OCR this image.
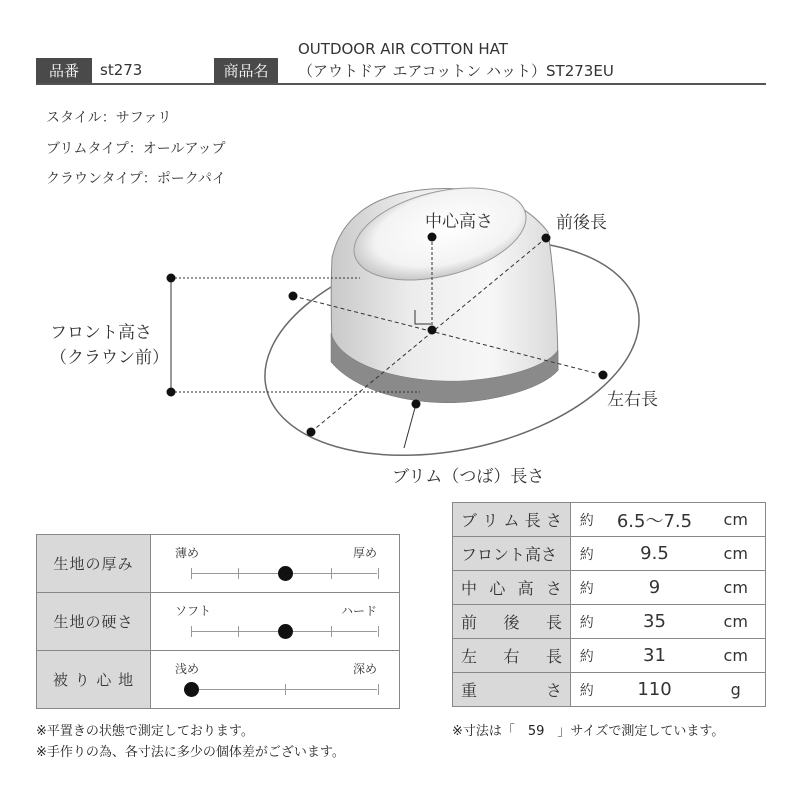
品番	st273	商品名
OUTDOOR AIR COTTON HAT
（アウトドア エアコットン ハット）ST273EU
スタイル：サファリ
ブリムタイプ：オールアップ
クラウンタイプ：ポークパイ
中心高さ	前後長
フロント高さ
（クラウン前）
左右長
ブリム（つば）長さ
生地の厚み	薄め 厚め

生地の硬さ	ソフト ハード

被 り 心 地	浅め 深め
ブ リ ム 長 さ	約	6.5～7.5	cm

フロント高さ	約	9.5	cm

中 心 高 さ	約	9	cm

前 後 長	約	35	cm

左 右 長	約	31	cm

重 さ	約	110	g
※平置きの状態で測定しております。
※手作りの為、各寸法に多少の個体差がございます。
※寸法は「　59　」サイズで測定しています。
